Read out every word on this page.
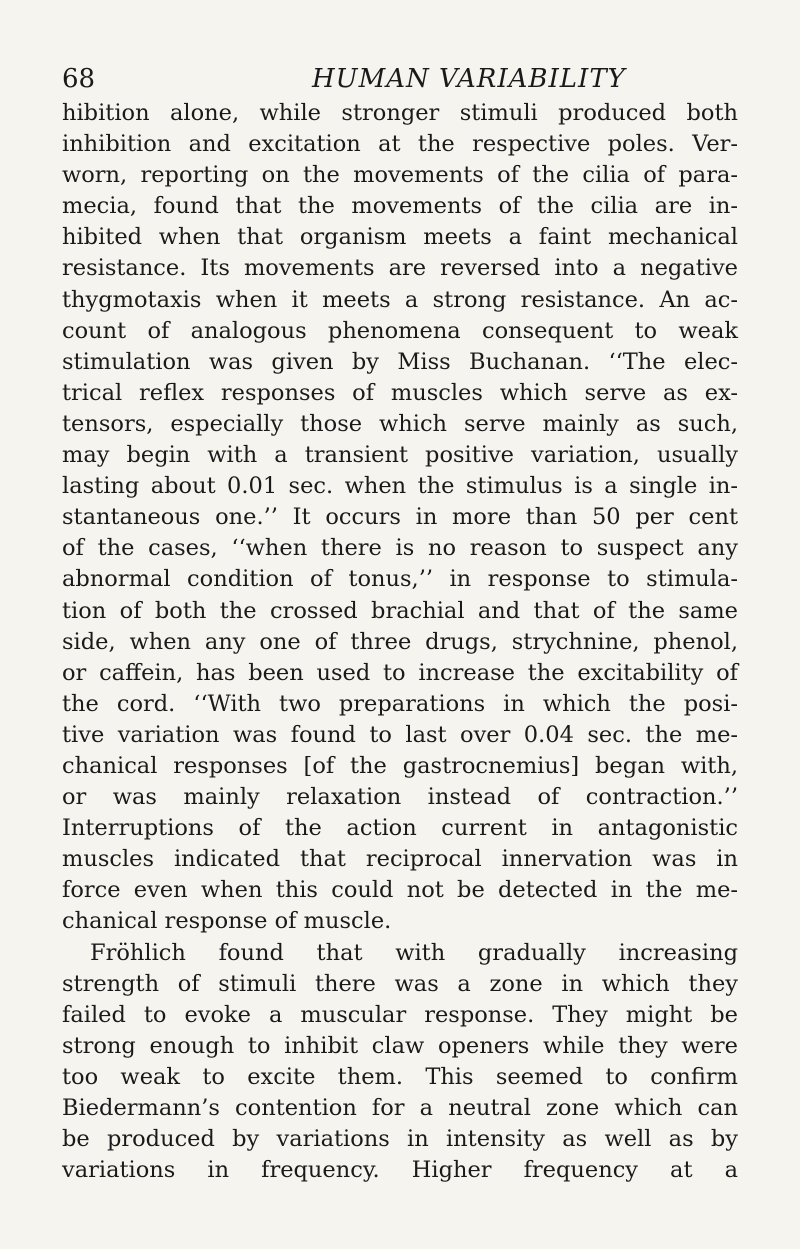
68	HUMAN VARIABILITY
hibition alone, while stronger stimuli produced both
inhibition and excitation at the respective poles. Ver-
worn, reporting on the movements of the cilia of para-
mecia, found that the movements of the cilia are in-
hibited when that organism meets a faint mechanical
resistance. Its movements are reversed into a negative
thygmotaxis when it meets a strong resistance. An ac-
count of analogous phenomena consequent to weak
stimulation was given by Miss Buchanan. ‘‘The elec-
trical reflex responses of muscles which serve as ex-
tensors, especially those which serve mainly as such,
may begin with a transient positive variation, usually
lasting about 0.01 sec. when the stimulus is a single in-
stantaneous one.’’ It occurs in more than 50 per cent
of the cases, ‘‘when there is no reason to suspect any
abnormal condition of tonus,’’ in response to stimula-
tion of both the crossed brachial and that of the same
side, when any one of three drugs, strychnine, phenol,
or caffein, has been used to increase the excitability of
the cord. ‘‘With two preparations in which the posi-
tive variation was found to last over 0.04 sec. the me-
chanical responses [of the gastrocnemius] began with,
or was mainly relaxation instead of contraction.’’
Interruptions of the action current in antagonistic
muscles indicated that reciprocal innervation was in
force even when this could not be detected in the me-
chanical response of muscle.
Fröhlich found that with gradually increasing
strength of stimuli there was a zone in which they
failed to evoke a muscular response. They might be
strong enough to inhibit claw openers while they were
too weak to excite them. This seemed to confirm
Biedermann’s contention for a neutral zone which can
be produced by variations in intensity as well as by
variations in frequency. Higher frequency at a
